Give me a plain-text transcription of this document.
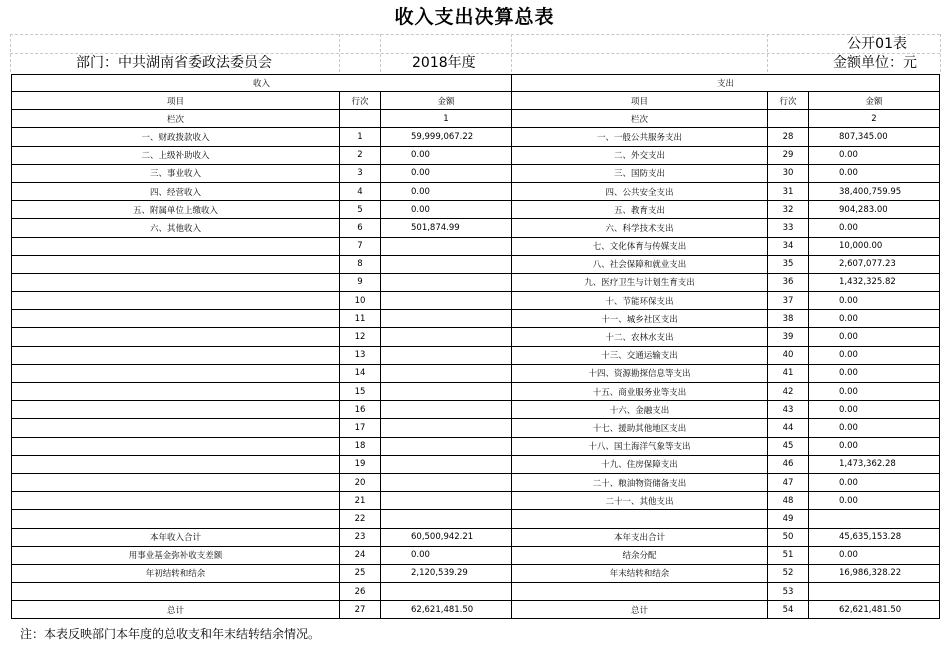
收入支出决算总表
公开01表
部门：中共湖南省委政法委员会	2018年度	金额单位：元
收入			支出		
项目	行次	金额	项目	行次	金额
栏次		1	栏次		2
一、财政拨款收入	1	59,999,067.22	一、一般公共服务支出	28	807,345.00
二、上级补助收入	2	0.00	二、外交支出	29	0.00
三、事业收入	3	0.00	三、国防支出	30	0.00
四、经营收入	4	0.00	四、公共安全支出	31	38,400,759.95
五、附属单位上缴收入	5	0.00	五、教育支出	32	904,283.00
六、其他收入	6	501,874.99	六、科学技术支出	33	0.00
	7		七、文化体育与传媒支出	34	10,000.00
	8		八、社会保障和就业支出	35	2,607,077.23
	9		九、医疗卫生与计划生育支出	36	1,432,325.82
	10		十、节能环保支出	37	0.00
	11		十一、城乡社区支出	38	0.00
	12		十二、农林水支出	39	0.00
	13		十三、交通运输支出	40	0.00
	14		十四、资源勘探信息等支出	41	0.00
	15		十五、商业服务业等支出	42	0.00
	16		十六、金融支出	43	0.00
	17		十七、援助其他地区支出	44	0.00
	18		十八、国土海洋气象等支出	45	0.00
	19		十九、住房保障支出	46	1,473,362.28
	20		二十、粮油物资储备支出	47	0.00
	21		二十一、其他支出	48	0.00
	22			49	
本年收入合计	23	60,500,942.21	本年支出合计	50	45,635,153.28
用事业基金弥补收支差额	24	0.00	结余分配	51	0.00
年初结转和结余	25	2,120,539.29	年末结转和结余	52	16,986,328.22
	26			53	
总计	27	62,621,481.50	总计	54	62,621,481.50
注：本表反映部门本年度的总收支和年末结转结余情况。
